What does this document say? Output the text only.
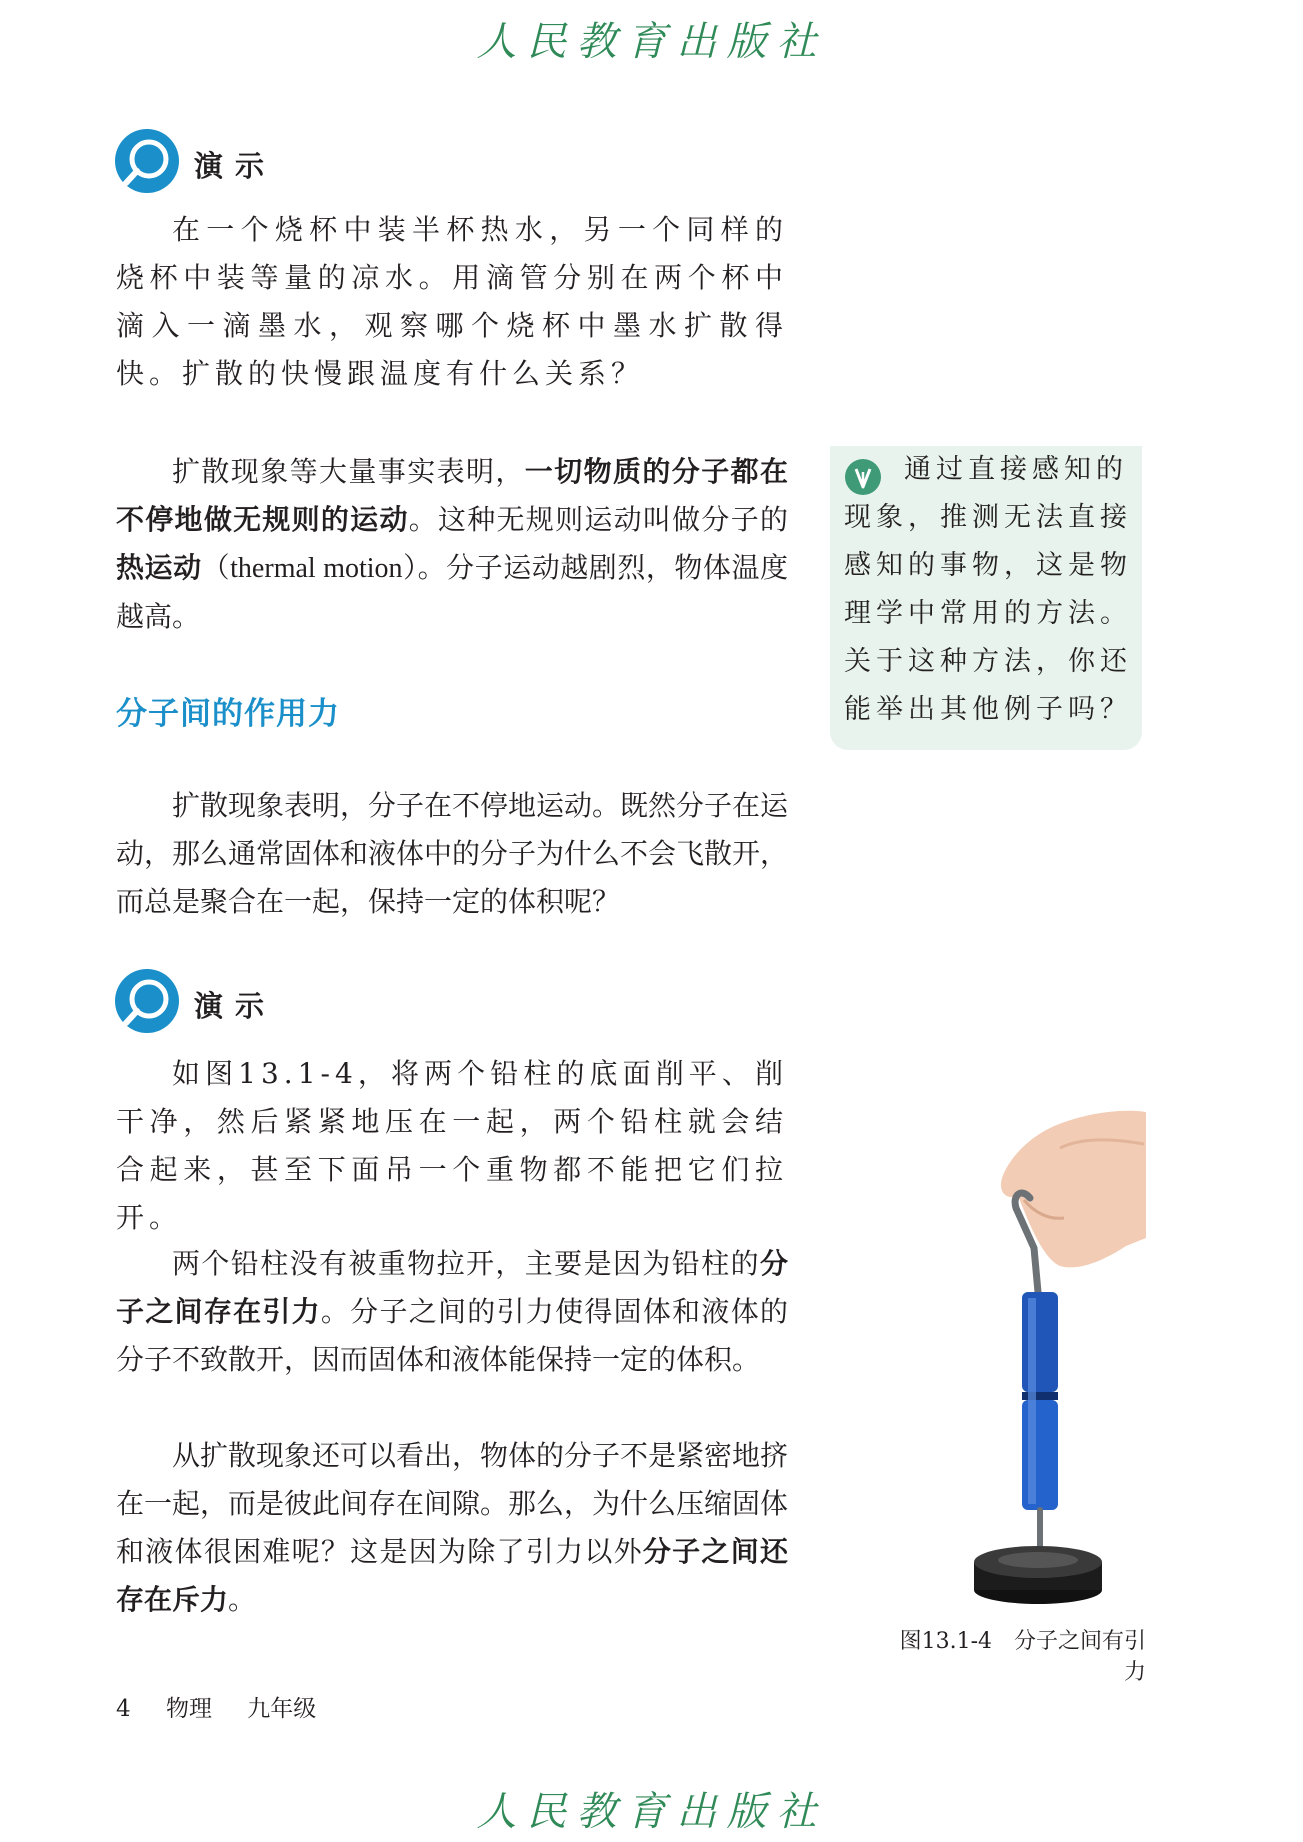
人民教育出版社
演示

在一个烧杯中装半杯热水，另一个同样的烧杯中装等量的凉水。用滴管分别在两个杯中滴入一滴墨水，观察哪个烧杯中墨水扩散得快。扩散的快慢跟温度有什么关系？

扩散现象等大量事实表明，一切物质的分子都在不停地做无规则的运动。这种无规则运动叫做分子的热运动（thermal motion）。分子运动越剧烈，物体温度越高。

通过直接感知的现象，推测无法直接感知的事物，这是物理学中常用的方法。关于这种方法，你还能举出其他例子吗？

分子间的作用力

扩散现象表明，分子在不停地运动。既然分子在运动，那么通常固体和液体中的分子为什么不会飞散开，而总是聚合在一起，保持一定的体积呢？

演示

如图13.1-4，将两个铅柱的底面削平、削干净，然后紧紧地压在一起，两个铅柱就会结合起来，甚至下面吊一个重物都不能把它们拉开。

两个铅柱没有被重物拉开，主要是因为铅柱的分子之间存在引力。分子之间的引力使得固体和液体的分子不致散开，因而固体和液体能保持一定的体积。

从扩散现象还可以看出，物体的分子不是紧密地挤在一起，而是彼此间存在间隙。那么，为什么压缩固体和液体很困难呢？这是因为除了引力以外分子之间还存在斥力。

图13.1-4　分子之间有引力
4 物理 九年级
人民教育出版社
